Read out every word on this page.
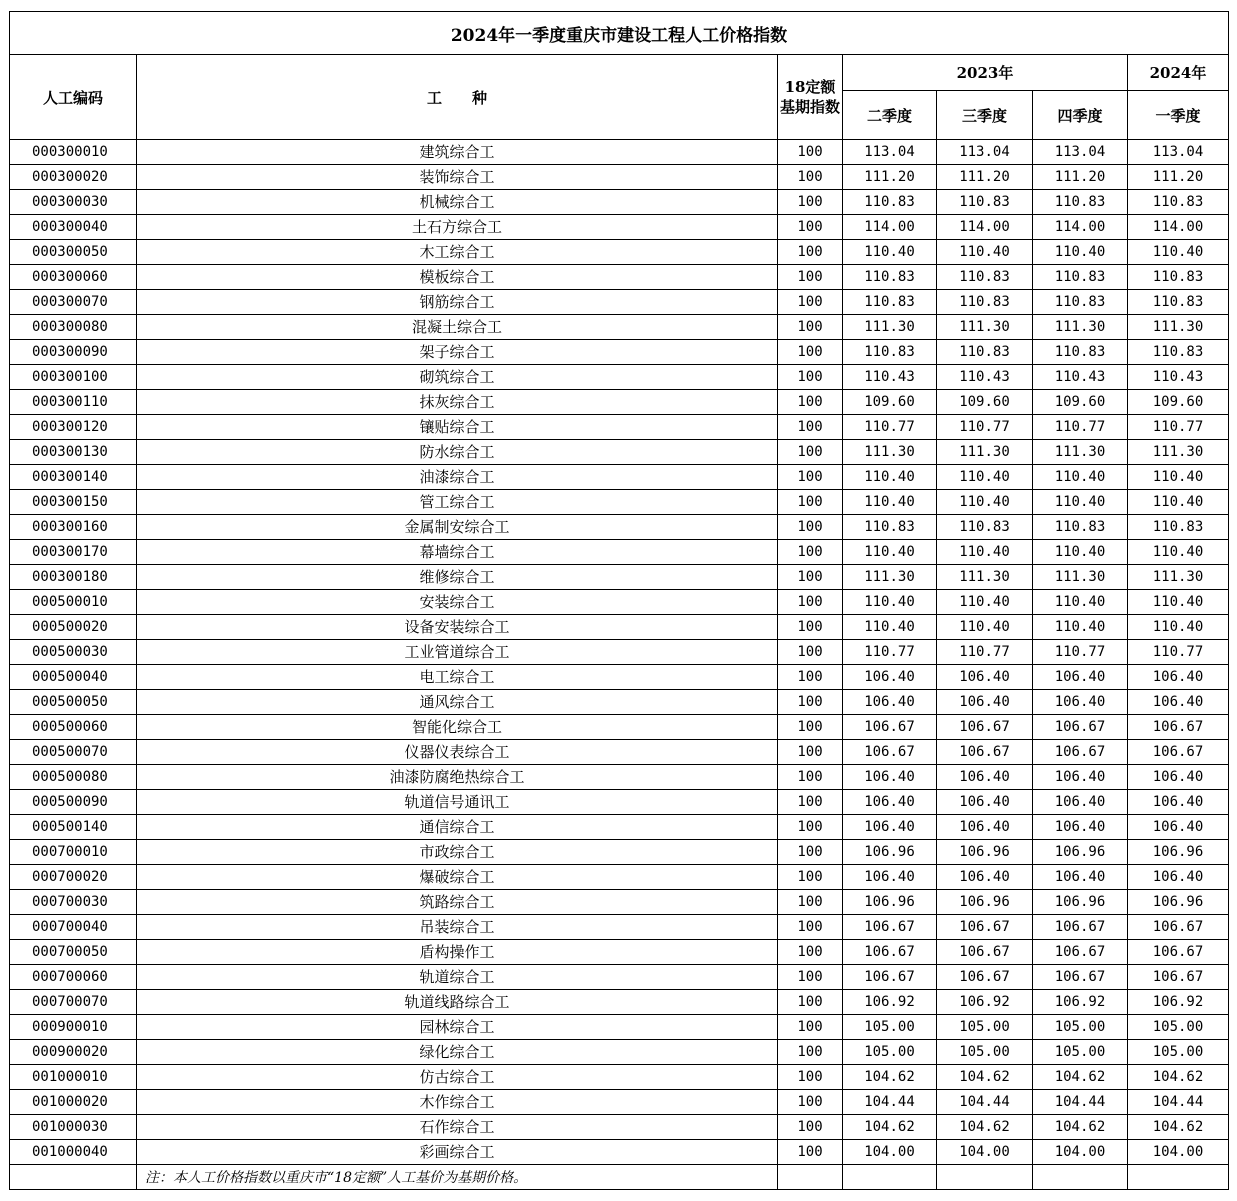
2024年一季度重庆市建设工程人工价格指数						
人工编码	工　　种	18定额基期指数	2023年			2024年
			二季度	三季度	四季度	一季度
000300010	建筑综合工	100	113.04	113.04	113.04	113.04
000300020	装饰综合工	100	111.20	111.20	111.20	111.20
000300030	机械综合工	100	110.83	110.83	110.83	110.83
000300040	土石方综合工	100	114.00	114.00	114.00	114.00
000300050	木工综合工	100	110.40	110.40	110.40	110.40
000300060	模板综合工	100	110.83	110.83	110.83	110.83
000300070	钢筋综合工	100	110.83	110.83	110.83	110.83
000300080	混凝土综合工	100	111.30	111.30	111.30	111.30
000300090	架子综合工	100	110.83	110.83	110.83	110.83
000300100	砌筑综合工	100	110.43	110.43	110.43	110.43
000300110	抹灰综合工	100	109.60	109.60	109.60	109.60
000300120	镶贴综合工	100	110.77	110.77	110.77	110.77
000300130	防水综合工	100	111.30	111.30	111.30	111.30
000300140	油漆综合工	100	110.40	110.40	110.40	110.40
000300150	管工综合工	100	110.40	110.40	110.40	110.40
000300160	金属制安综合工	100	110.83	110.83	110.83	110.83
000300170	幕墙综合工	100	110.40	110.40	110.40	110.40
000300180	维修综合工	100	111.30	111.30	111.30	111.30
000500010	安装综合工	100	110.40	110.40	110.40	110.40
000500020	设备安装综合工	100	110.40	110.40	110.40	110.40
000500030	工业管道综合工	100	110.77	110.77	110.77	110.77
000500040	电工综合工	100	106.40	106.40	106.40	106.40
000500050	通风综合工	100	106.40	106.40	106.40	106.40
000500060	智能化综合工	100	106.67	106.67	106.67	106.67
000500070	仪器仪表综合工	100	106.67	106.67	106.67	106.67
000500080	油漆防腐绝热综合工	100	106.40	106.40	106.40	106.40
000500090	轨道信号通讯工	100	106.40	106.40	106.40	106.40
000500140	通信综合工	100	106.40	106.40	106.40	106.40
000700010	市政综合工	100	106.96	106.96	106.96	106.96
000700020	爆破综合工	100	106.40	106.40	106.40	106.40
000700030	筑路综合工	100	106.96	106.96	106.96	106.96
000700040	吊装综合工	100	106.67	106.67	106.67	106.67
000700050	盾构操作工	100	106.67	106.67	106.67	106.67
000700060	轨道综合工	100	106.67	106.67	106.67	106.67
000700070	轨道线路综合工	100	106.92	106.92	106.92	106.92
000900010	园林综合工	100	105.00	105.00	105.00	105.00
000900020	绿化综合工	100	105.00	105.00	105.00	105.00
001000010	仿古综合工	100	104.62	104.62	104.62	104.62
001000020	木作综合工	100	104.44	104.44	104.44	104.44
001000030	石作综合工	100	104.62	104.62	104.62	104.62
001000040	彩画综合工	100	104.00	104.00	104.00	104.00
	注：本人工价格指数以重庆市“18定额”人工基价为基期价格。					
